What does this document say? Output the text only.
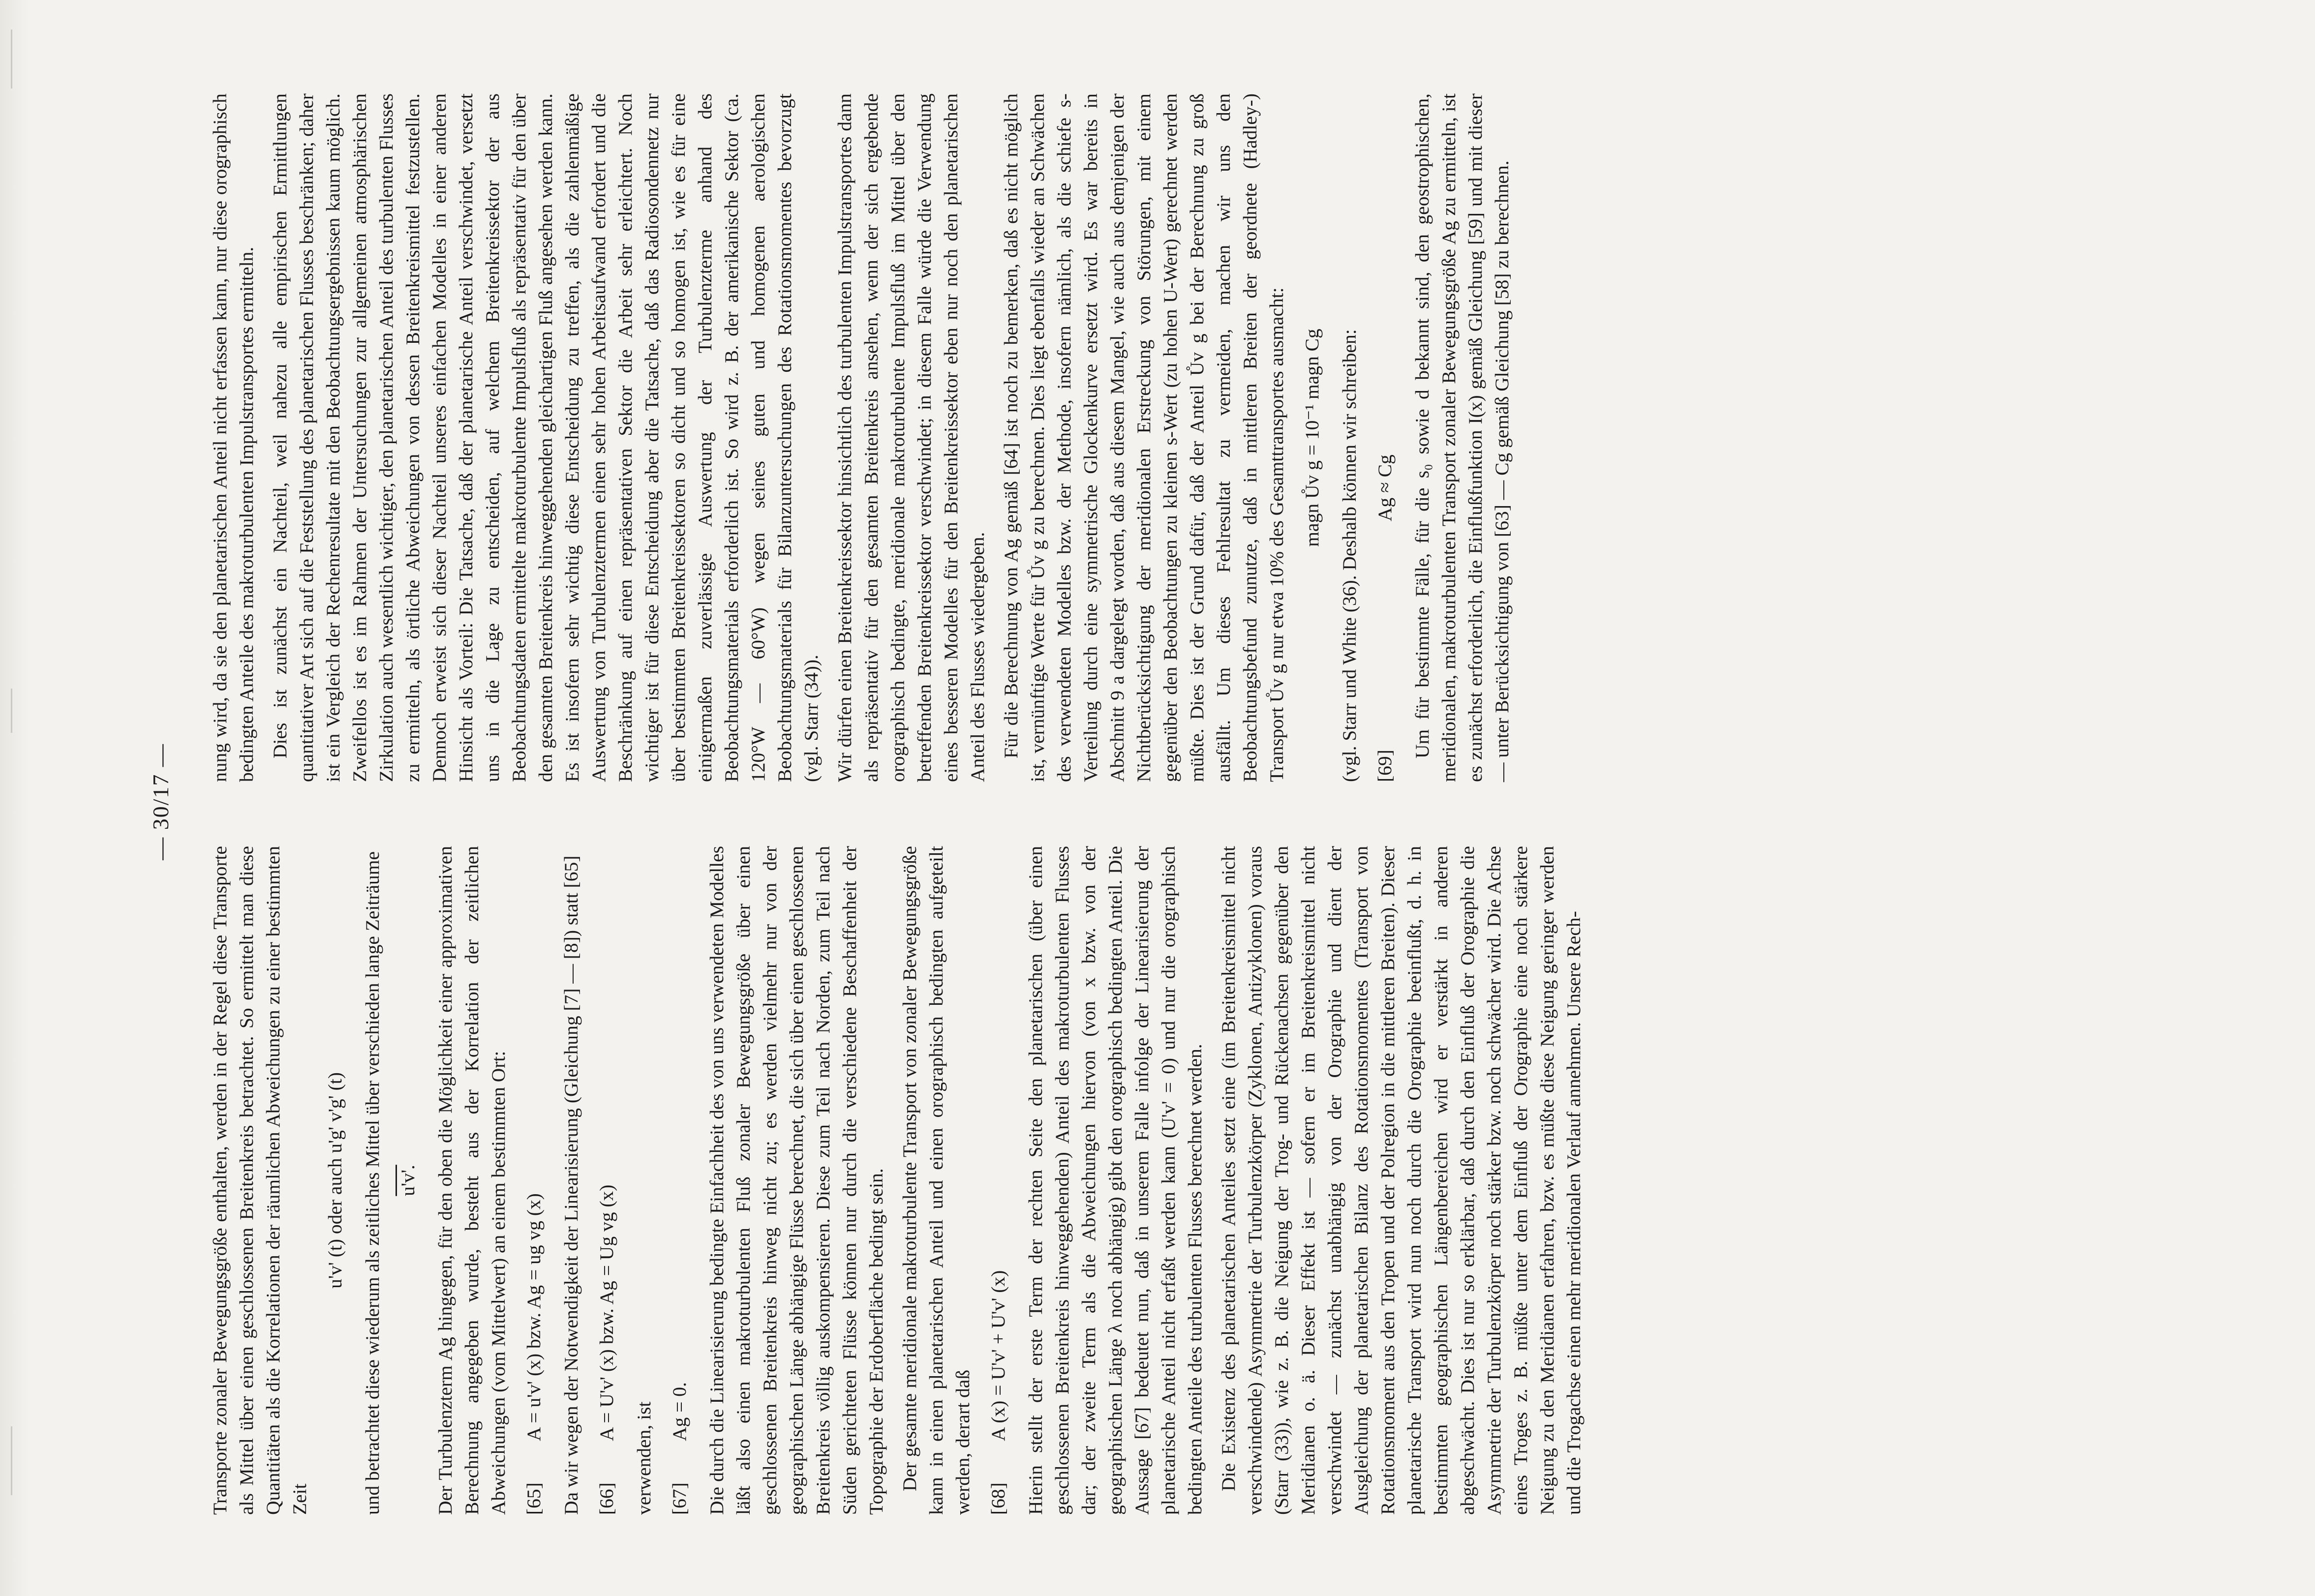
— 30/17 —

Transporte zonaler Bewegungsgröße enthalten, werden in der Regel diese Transporte als Mittel über einen geschlossenen Breitenkreis betrachtet. So ermittelt man diese Quantitäten als die Korrelationen der räumlichen Abweichungen zu einer bestimmten Zeit

u'v' (t) oder auch u'g' v'g' (t) und betrachtet diese wiederum als zeitliches Mittel über verschieden lange Zeiträume u'v'. Der Turbulenzterm Ag hingegen, für den oben die Möglichkeit einer approximativen Berechnung angegeben wurde, besteht aus der Korrelation der zeitlichen Abweichungen (vom Mittelwert) an einem bestimmten Ort: [65]
A = u'v' (x) bzw. Ag = ug vg (x) Da wir wegen der Notwendigkeit der Linearisierung (Gleichung [7] — [8]) statt [65] [66]
A = U'v' (x) bzw. Ag = Ug vg (x)

verwenden, ist [67]
Ag = 0. Die durch die Linearisierung bedingte Einfachheit des von uns verwendeten Modelles läßt also einen makroturbulenten Fluß zonaler Bewegungsgröße über einen geschlossenen Breitenkreis hinweg nicht zu; es werden vielmehr nur von der geographischen Länge abhängige Flüsse berechnet, die sich über einen geschlossenen Breitenkreis völlig auskompensieren. Diese zum Teil nach Norden, zum Teil nach Süden gerichteten Flüsse können nur durch die verschiedene Beschaffenheit der Topographie der Erdoberfläche bedingt sein. Der gesamte meridionale makroturbulente Transport von zonaler Bewegungsgröße kann in einen planetarischen Anteil und einen orographisch bedingten aufgeteilt werden, derart daß [68]
A (x) = U'v' + U'v' (x) Hierin stellt der erste Term der rechten Seite den planetarischen (über einen geschlossenen Breitenkreis hinweggehenden) Anteil des makroturbulenten Flusses dar; der zweite Term als die Abweichungen hiervon (von x bzw. von der geographischen Länge λ noch abhängig) gibt den orographisch bedingten Anteil. Die Aussage [67] bedeutet nun, daß in unserem Falle infolge der Linearisierung der planetarische Anteil nicht erfaßt werden kann (U'v' = 0) und nur die orographisch bedingten Anteile des turbulenten Flusses berechnet werden. Die Existenz des planetarischen Anteiles setzt eine (im Breitenkreismittel nicht verschwindende) Asymmetrie der Turbulenzkörper (Zyklonen, Antizyklonen) voraus (Starr (33)), wie z. B. die Neigung der Trog- und Rückenachsen gegenüber den Meridianen o. ä. Dieser Effekt ist — sofern er im Breitenkreismittel nicht verschwindet — zunächst unabhängig von der Orographie und dient der Ausgleichung der planetarischen Bilanz des Rotationsmomentes (Transport von Rotationsmoment aus den Tropen und der Polregion in die mittleren Breiten). Dieser planetarische Transport wird nun noch durch die Orographie beeinflußt, d. h. in bestimmten geographischen Längenbereichen wird er verstärkt in anderen abgeschwächt. Dies ist nur so erklärbar, daß durch den Einfluß der Orographie die Asymmetrie der Turbulenzkörper noch stärker bzw. noch schwächer wird. Die Achse eines Troges z. B. müßte unter dem Einfluß der Orographie eine noch stärkere Neigung zu den Meridianen erfahren, bzw. es müßte diese Neigung geringer werden und die Trogachse einen mehr meridionalen Verlauf annehmen. Unsere Rech-

nung wird, da sie den planetarischen Anteil nicht erfassen kann, nur diese orographisch bedingten Anteile des makroturbulenten Impulstransportes ermitteln. Dies ist zunächst ein Nachteil, weil nahezu alle empirischen Ermittlungen quantitativer Art sich auf die Feststellung des planetarischen Flusses beschränken; daher ist ein Vergleich der Rechenresultate mit den Beobachtungsergebnissen kaum möglich. Zweifellos ist es im Rahmen der Untersuchungen zur allgemeinen atmosphärischen Zirkulation auch wesentlich wichtiger, den planetarischen Anteil des turbulenten Flusses zu ermitteln, als örtliche Abweichungen von dessen Breitenkreismittel festzustellen. Dennoch erweist sich dieser Nachteil unseres einfachen Modelles in einer anderen Hinsicht als Vorteil: Die Tatsache, daß der planetarische Anteil verschwindet, versetzt uns in die Lage zu entscheiden, auf welchem Breitenkreissektor der aus Beobachtungsdaten ermittelte makroturbulente Impulsfluß als repräsentativ für den über den gesamten Breitenkreis hinweggehenden gleichartigen Fluß angesehen werden kann. Es ist insofern sehr wichtig diese Entscheidung zu treffen, als die zahlenmäßige Auswertung von Turbulenztermen einen sehr hohen Arbeitsaufwand erfordert und die Beschränkung auf einen repräsentativen Sektor die Arbeit sehr erleichtert. Noch wichtiger ist für diese Entscheidung aber die Tatsache, daß das Radiosondennetz nur über bestimmten Breitenkreissektoren so dicht und so homogen ist, wie es für eine einigermaßen zuverlässige Auswertung der Turbulenzterme anhand des Beobachtungsmaterials erforderlich ist. So wird z. B. der amerikanische Sektor (ca. 120°W — 60°W) wegen seines guten und homogenen aerologischen Beobachtungsmaterials für Bilanzuntersuchungen des Rotationsmomentes bevorzugt (vgl. Starr (34)). Wir dürfen einen Breitenkreissektor hinsichtlich des turbulenten Impulstransportes dann als repräsentativ für den gesamten Breitenkreis ansehen, wenn der sich ergebende orographisch bedingte, meridionale makroturbulente Impulsfluß im Mittel über den betreffenden Breitenkreissektor verschwindet; in diesem Falle würde die Verwendung eines besseren Modelles für den Breitenkreissektor eben nur noch den planetarischen Anteil des Flusses wiedergeben. Für die Berechnung von Ag gemäß [64] ist noch zu bemerken, daß es nicht möglich ist, vernünftige Werte für Ův g zu berechnen. Dies liegt ebenfalls wieder an Schwächen des verwendeten Modelles bzw. der Methode, insofern nämlich, als die schiefe s-Verteilung durch eine symmetrische Glockenkurve ersetzt wird. Es war bereits in Abschnitt 9 a dargelegt worden, daß aus diesem Mangel, wie auch aus demjenigen der Nichtberücksichtigung der meridionalen Erstreckung von Störungen, mit einem gegenüber den Beobachtungen zu kleinen s-Wert (zu hohen U-Wert) gerechnet werden müßte. Dies ist der Grund dafür, daß der Anteil Ův g bei der Berechnung zu groß ausfällt. Um dieses Fehlresultat zu vermeiden, machen wir uns den Beobachtungsbefund zunutze, daß in mittleren Breiten der geordnete (Hadley-) Transport Ův g nur etwa 10% des Gesamttransportes ausmacht: magn Ův g = 10⁻¹ magn Cg (vgl. Starr und White (36). Deshalb können wir schreiben: [69]
Ag ≈ Cg Um für bestimmte Fälle, für die s₀ sowie d bekannt sind, den geostrophischen, meridionalen, makroturbulenten Transport zonaler Bewegungsgröße Ag zu ermitteln, ist es zunächst erforderlich, die Einflußfunktion I(x) gemäß Gleichung [59] und mit dieser — unter Berücksichtigung von [63] — Cg gemäß Gleichung [58] zu berechnen.
